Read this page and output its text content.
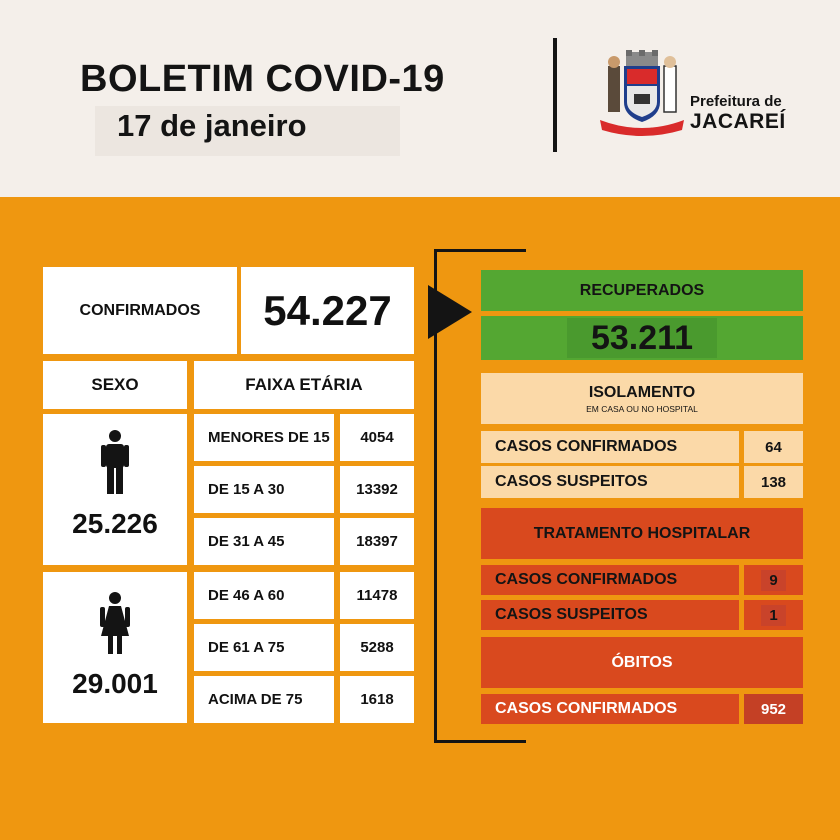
BOLETIM COVID-19
17 de janeiro
Prefeitura de
JACAREÍ
CONFIRMADOS 54.227
SEXO	FAIXA ETÁRIA
25.226
29.001
MENORES DE 15 4054
DE 15 A 30	13392
DE 31 A 45	18397
DE 46 A 60	11478
DE 61 A 75	5288
ACIMA DE 75	1618
RECUPERADOS
53.211
ISOLAMENTO
EM CASA OU NO HOSPITAL
CASOS CONFIRMADOS	64
CASOS SUSPEITOS	138
TRATAMENTO HOSPITALAR
CASOS CONFIRMADOS	9
CASOS SUSPEITOS	1
ÓBITOS
CASOS CONFIRMADOS	952
